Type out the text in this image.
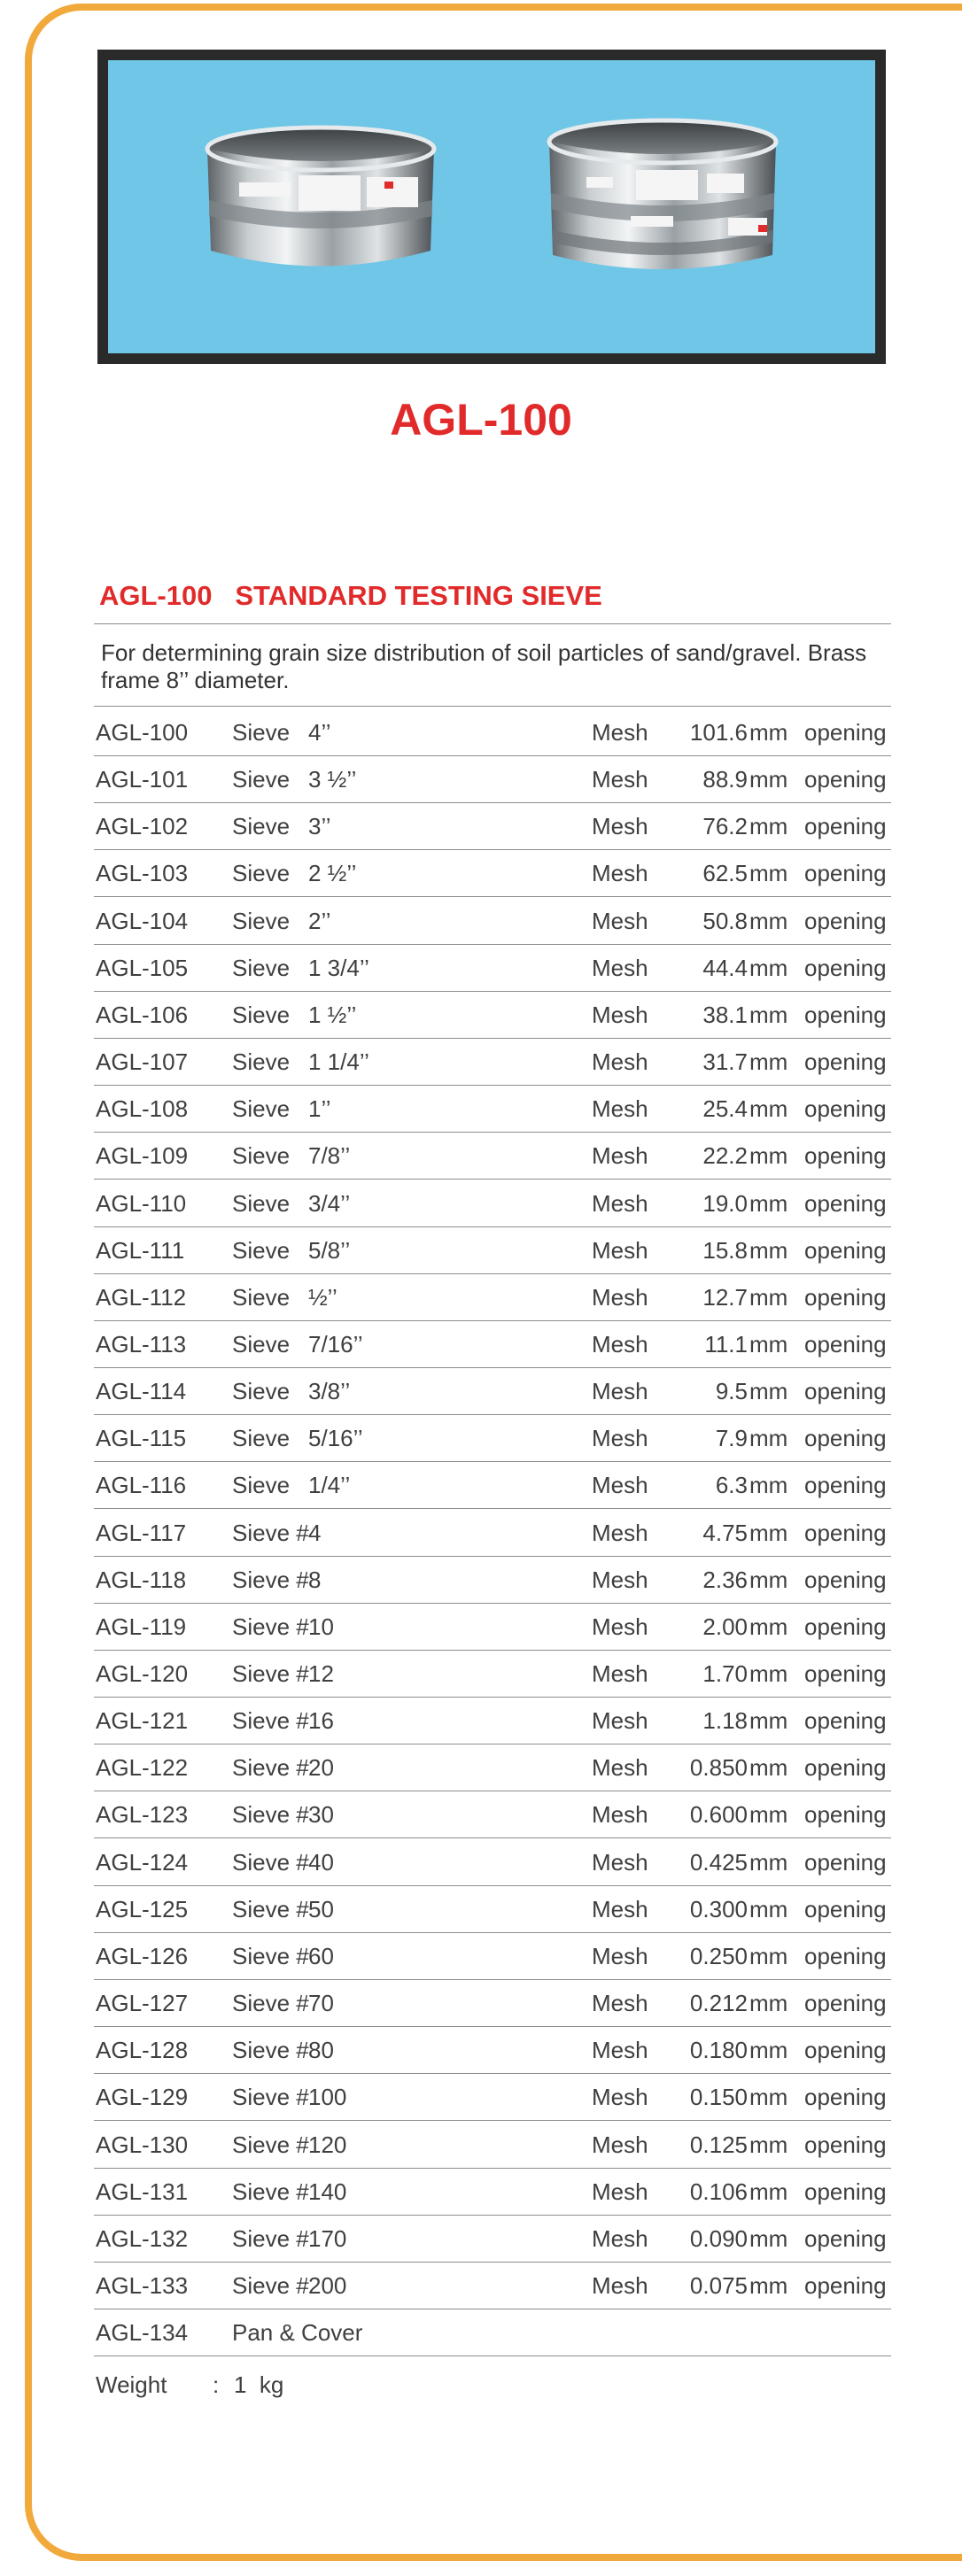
AGL-100
AGL-100   STANDARD TESTING SIEVE

For determining grain size distribution of soil particles of sand/gravel. Brass frame 8’’ diameter.

AGL-100 Sieve 4’’	Mesh	101.6 mm opening
AGL-101 Sieve 3 ½’’	Mesh	88.9 mm opening
AGL-102 Sieve 3’’	Mesh	76.2 mm opening
AGL-103 Sieve 2 ½’’	Mesh	62.5 mm opening
AGL-104 Sieve 2’’	Mesh	50.8 mm opening
AGL-105 Sieve 1 3/4’’	Mesh	44.4 mm opening
AGL-106 Sieve 1 ½’’	Mesh	38.1 mm opening
AGL-107 Sieve 1 1/4’’	Mesh	31.7 mm opening
AGL-108 Sieve 1’’	Mesh	25.4 mm opening
AGL-109 Sieve 7/8’’	Mesh	22.2 mm opening
AGL-110 Sieve 3/4’’	Mesh	19.0 mm opening
AGL-111 Sieve 5/8’’	Mesh	15.8 mm opening
AGL-112 Sieve ½’’	Mesh	12.7 mm opening
AGL-113 Sieve 7/16’’	Mesh	11.1 mm opening
AGL-114 Sieve 3/8’’	Mesh	9.5 mm opening
AGL-115 Sieve 5/16’’	Mesh	7.9 mm opening
AGL-116 Sieve 1/4’’	Mesh	6.3 mm opening
AGL-117 Sieve # 4	Mesh	4.75 mm opening
AGL-118 Sieve # 8	Mesh	2.36 mm opening
AGL-119 Sieve # 10	Mesh	2.00 mm opening
AGL-120 Sieve # 12	Mesh	1.70 mm opening
AGL-121 Sieve # 16	Mesh	1.18 mm opening
AGL-122 Sieve # 20	Mesh	0.850 mm opening
AGL-123 Sieve # 30	Mesh	0.600 mm opening
AGL-124 Sieve # 40	Mesh	0.425 mm opening
AGL-125 Sieve # 50	Mesh	0.300 mm opening
AGL-126 Sieve # 60	Mesh	0.250 mm opening
AGL-127 Sieve # 70	Mesh	0.212 mm opening
AGL-128 Sieve # 80	Mesh	0.180 mm opening
AGL-129 Sieve # 100	Mesh	0.150 mm opening
AGL-130 Sieve # 120	Mesh	0.125 mm opening
AGL-131 Sieve # 140	Mesh	0.106 mm opening
AGL-132 Sieve # 170	Mesh	0.090 mm opening
AGL-133 Sieve # 200	Mesh	0.075 mm opening
AGL-134 Pan & Cover

Weight

:

1  kg
